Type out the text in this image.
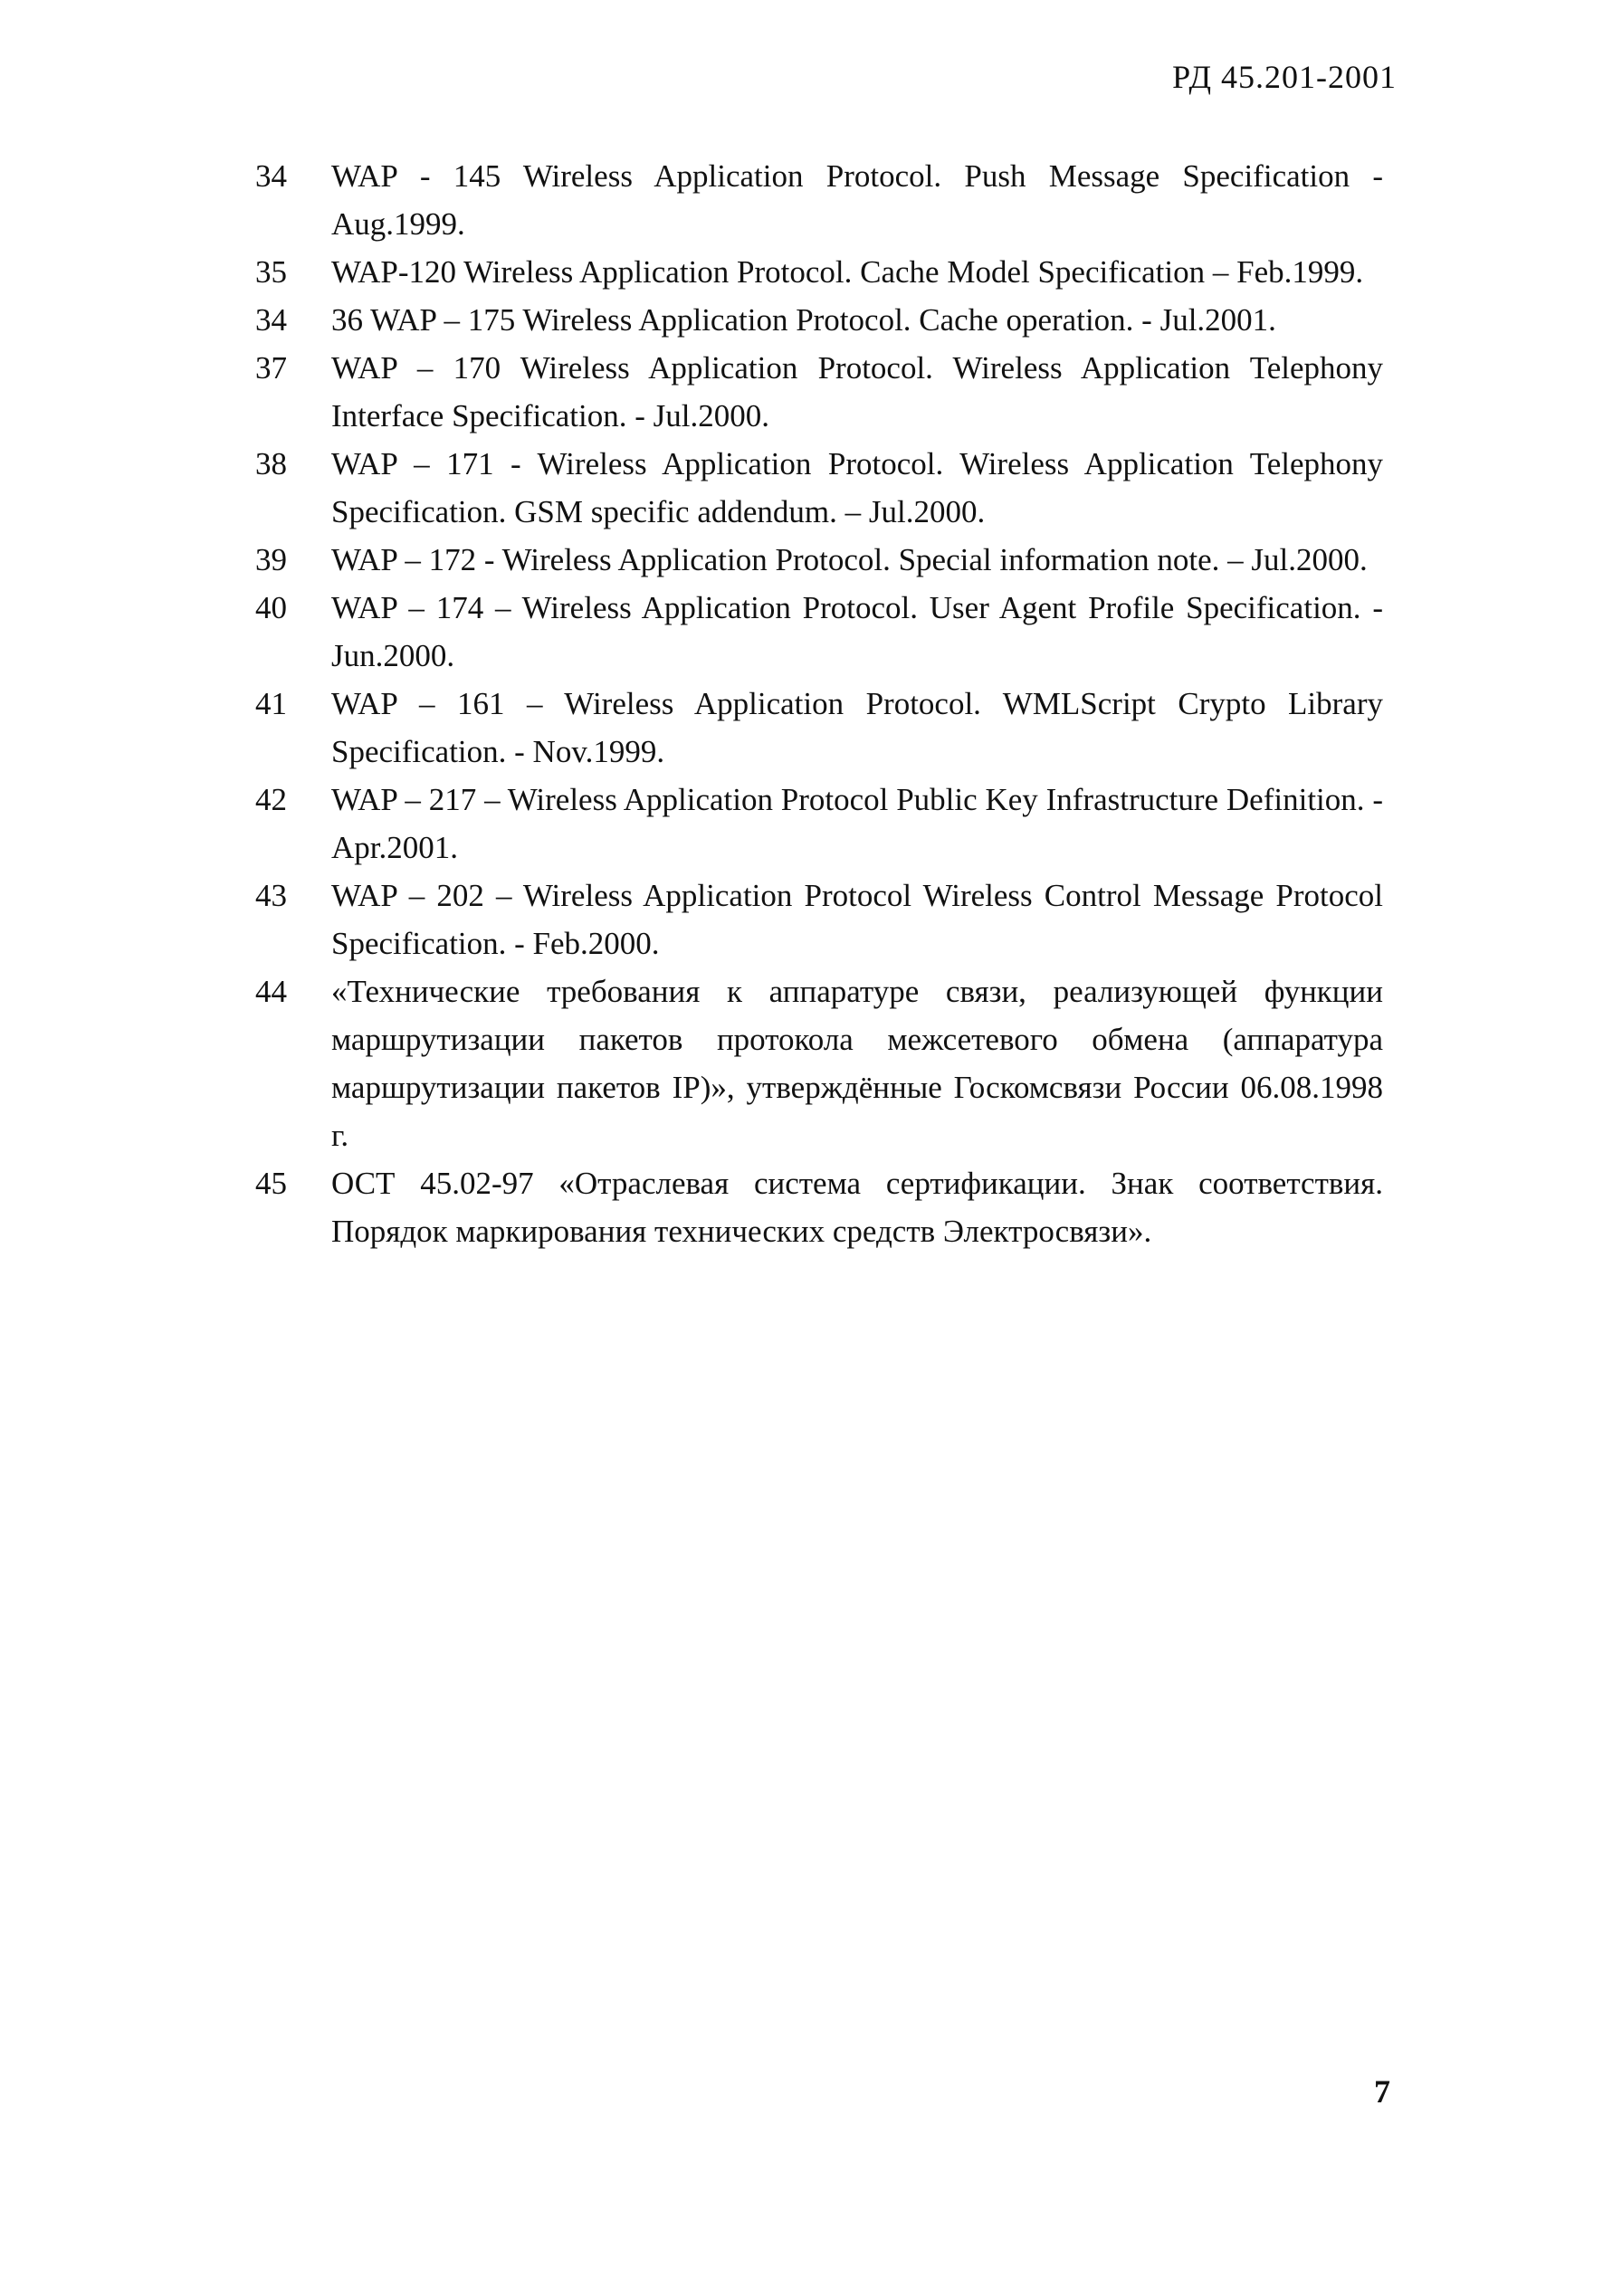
РД 45.201-2001
34	WAP - 145 Wireless Application Protocol. Push Message Specification - Aug.1999.
35	WAP-120 Wireless Application Protocol. Cache Model Specification – Feb.1999.
34	36 WAP – 175 Wireless Application Protocol. Cache operation. - Jul.2001.
37	WAP – 170 Wireless Application Protocol. Wireless Application Telephony Interface Specification. - Jul.2000.
38	WAP – 171 - Wireless Application Protocol. Wireless Application Telephony Specification. GSM specific addendum. – Jul.2000.
39	WAP – 172 - Wireless Application Protocol. Special information note. – Jul.2000.
40	WAP – 174 – Wireless Application Protocol. User Agent Profile Specification. - Jun.2000.
41	WAP – 161 – Wireless Application Protocol. WMLScript Crypto Library Specification. - Nov.1999.
42	WAP – 217 – Wireless Application Protocol Public Key Infrastructure Definition. - Apr.2001.
43	WAP – 202 – Wireless Application Protocol Wireless Control Message Protocol Specification. - Feb.2000.
44	«Технические требования к аппаратуре связи, реализующей функции маршрутизации пакетов протокола межсетевого обмена (аппаратура маршрутизации пакетов IP)», утверждённые Госкомсвязи России 06.08.1998 г.
45	ОСТ 45.02-97 «Отраслевая система сертификации. Знак соответствия. Порядок маркирования технических средств Электросвязи».
7
